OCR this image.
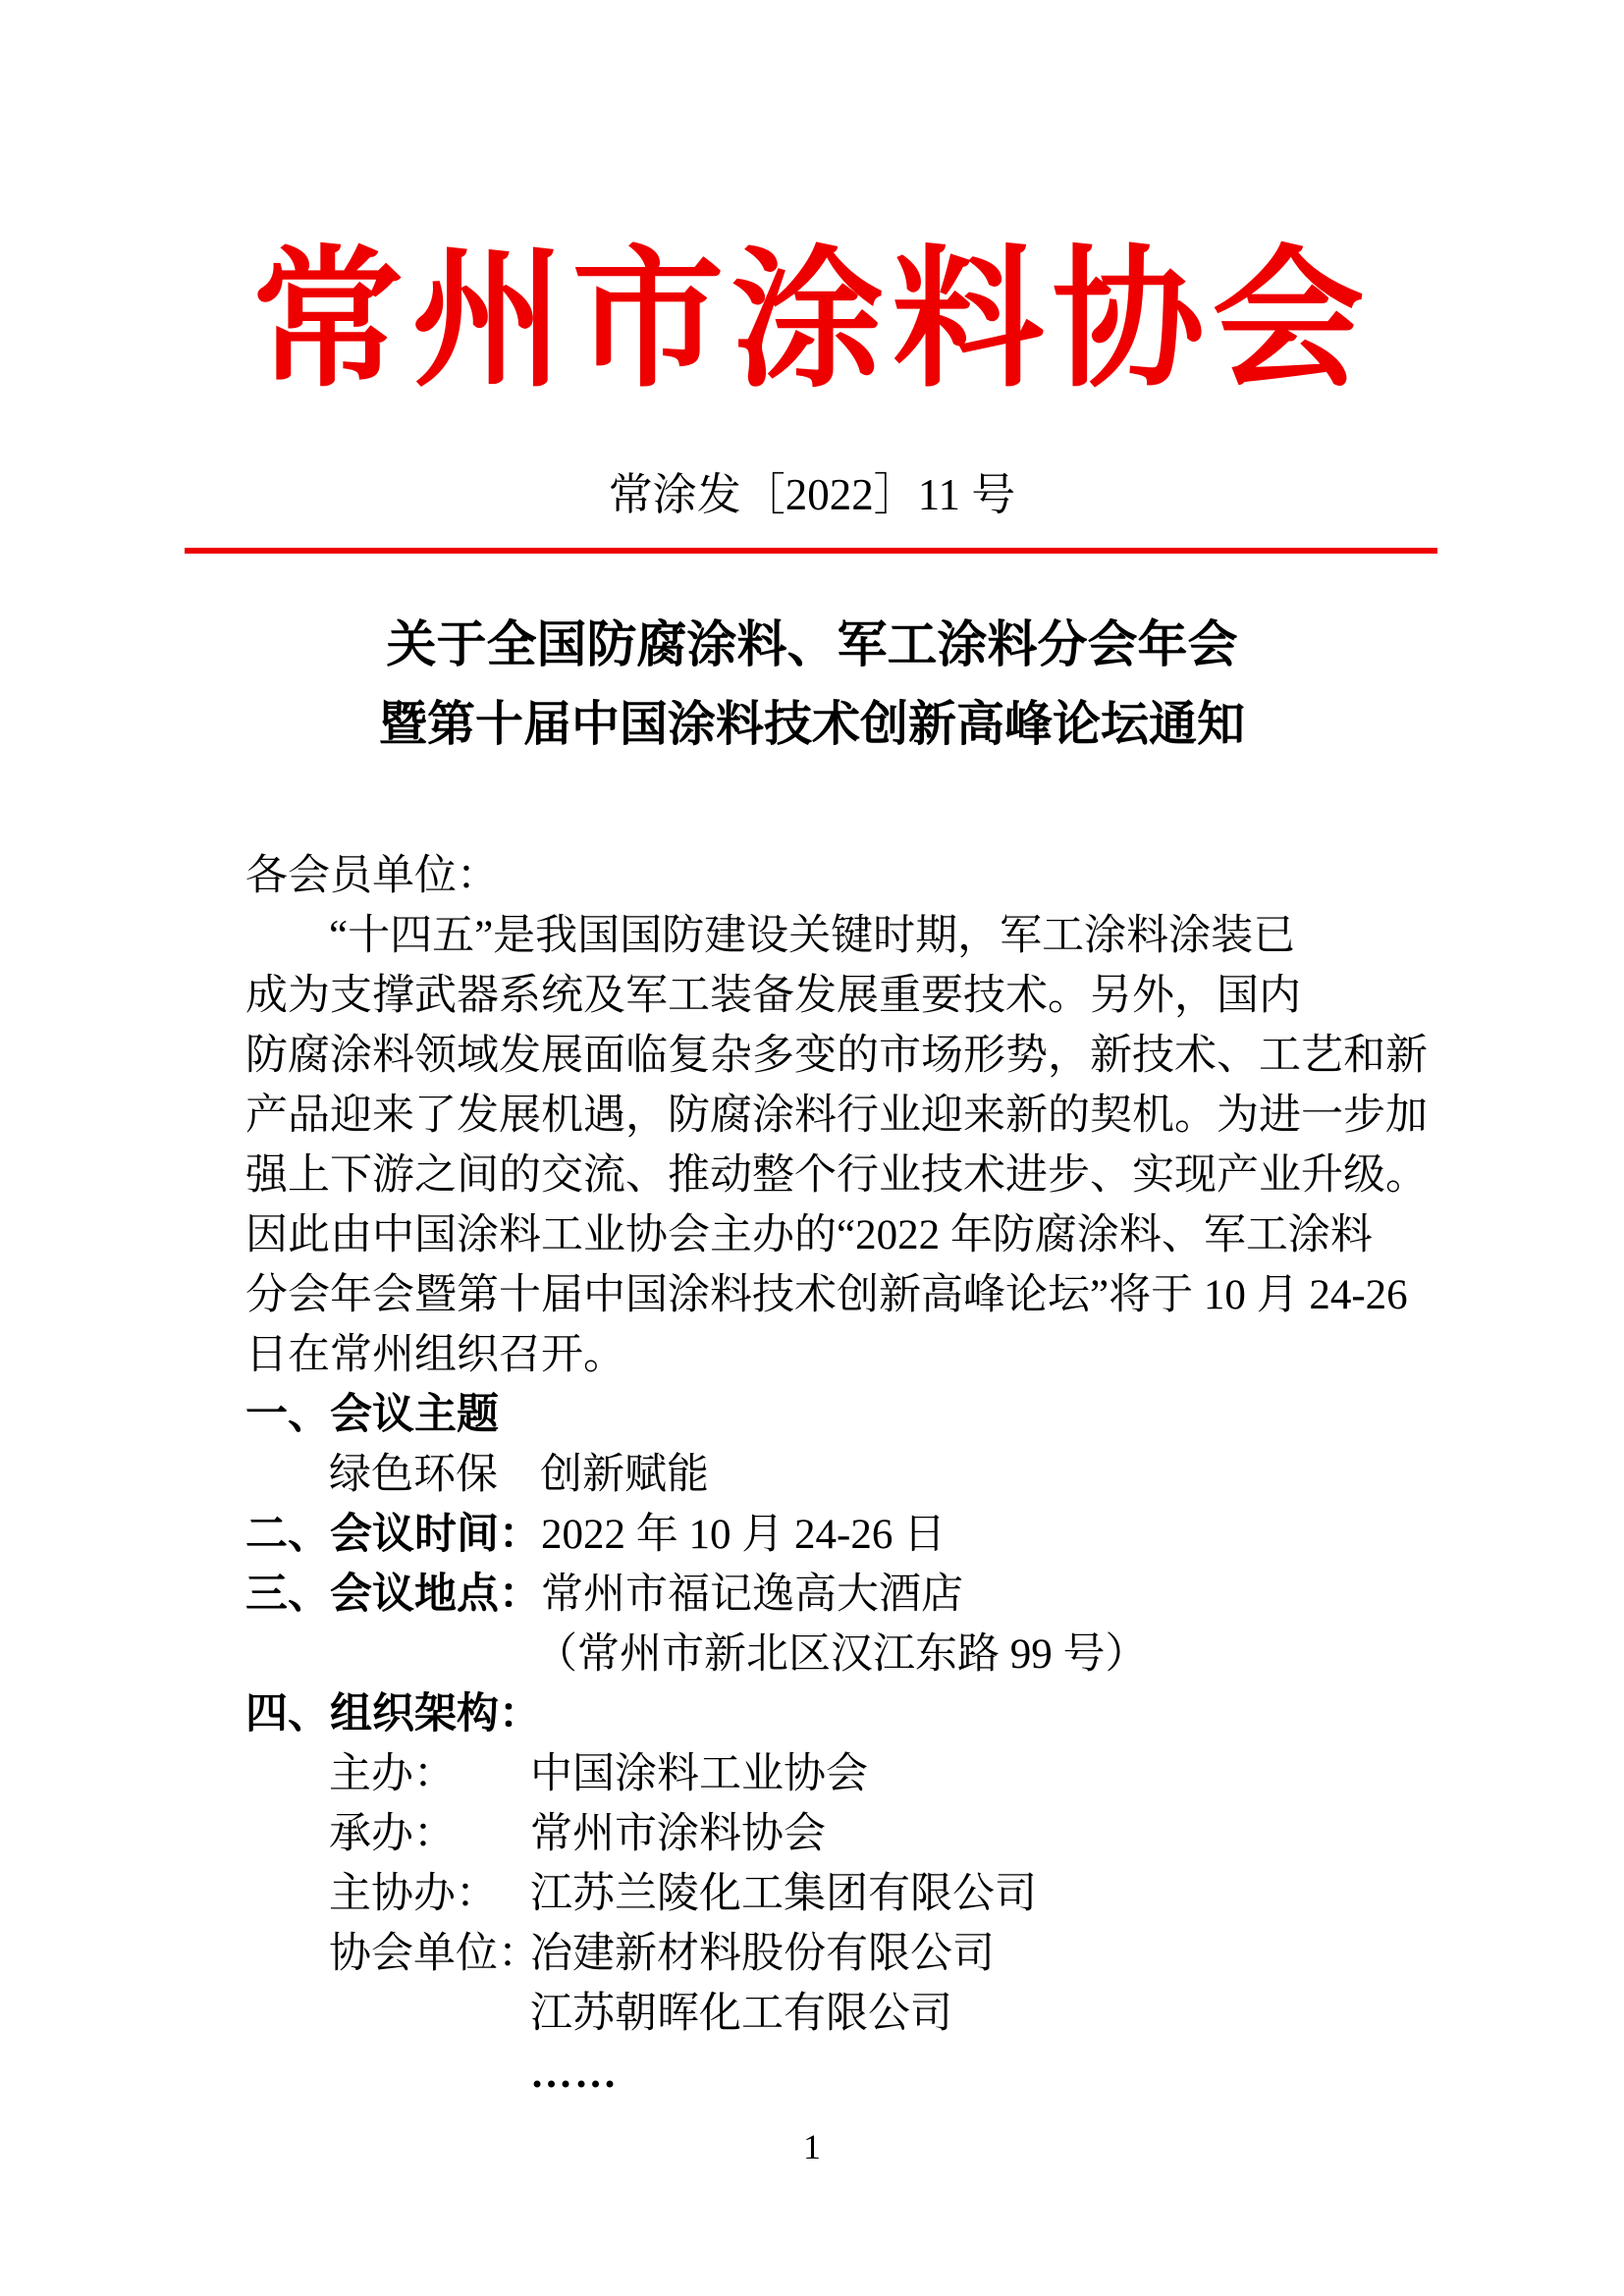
常州市涂料协会
常涂发［2022］11 号
关于全国防腐涂料、军工涂料分会年会
暨第十届中国涂料技术创新高峰论坛通知
各会员单位：
“十四五”是我国国防建设关键时期，军工涂料涂装已
成为支撑武器系统及军工装备发展重要技术。另外，国内
防腐涂料领域发展面临复杂多变的市场形势，新技术、工艺和新
产品迎来了发展机遇，防腐涂料行业迎来新的契机。为进一步加
强上下游之间的交流、推动整个行业技术进步、实现产业升级。
因此由中国涂料工业协会主办的“2022 年防腐涂料、军工涂料
分会年会暨第十届中国涂料技术创新高峰论坛”将于 10 月 24-26
日在常州组织召开。
一、会议主题
绿色环保　创新赋能
二、会议时间：2022 年 10 月 24-26 日
三、会议地点：常州市福记逸高大酒店
（常州市新北区汉江东路 99 号）
四、组织架构：
主办：	中国涂料工业协会
承办：	常州市涂料协会
主协办： 江苏兰陵化工集团有限公司
协会单位：
冶建新材料股份有限公司
江苏朝晖化工有限公司
……
1
